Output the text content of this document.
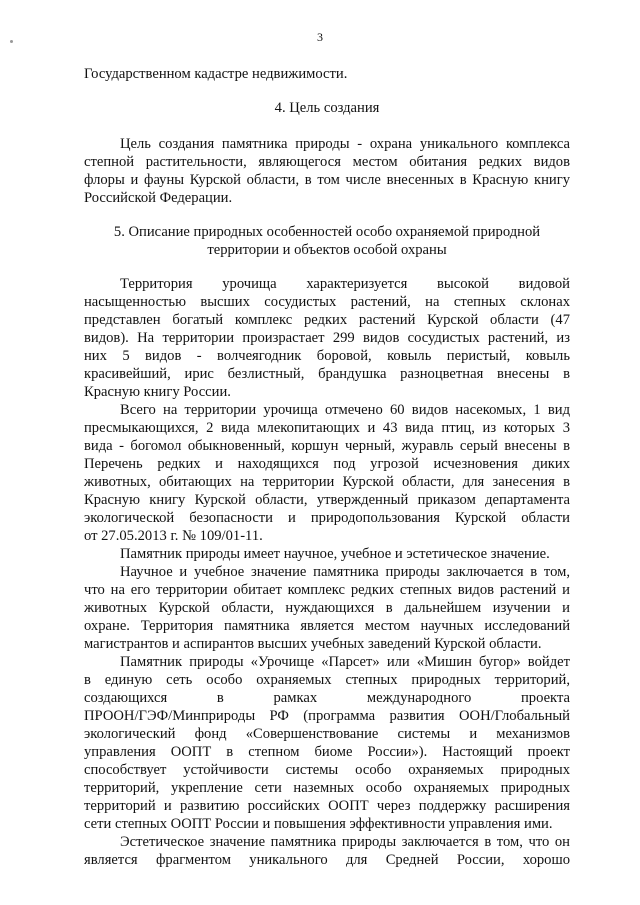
3
Государственном кадастре недвижимости.
4. Цель создания
Цель создания памятника природы - охрана уникального комплекса
степной растительности, являющегося местом обитания редких видов
флоры и фауны Курской области, в том числе внесенных в Красную книгу
Российской Федерации.
5. Описание природных особенностей особо охраняемой природной
территории и объектов особой охраны
Территория урочища характеризуется высокой видовой
насыщенностью высших сосудистых растений, на степных склонах
представлен богатый комплекс редких растений Курской области (47
видов). На территории произрастает 299 видов сосудистых растений, из
них 5 видов - волчеягодник боровой, ковыль перистый, ковыль
красивейший, ирис безлистный, брандушка разноцветная внесены в
Красную книгу России.
Всего на территории урочища отмечено 60 видов насекомых, 1 вид
пресмыкающихся, 2 вида млекопитающих и 43 вида птиц, из которых 3
вида - богомол обыкновенный, коршун черный, журавль серый внесены в
Перечень редких и находящихся под угрозой исчезновения диких
животных, обитающих на территории Курской области, для занесения в
Красную книгу Курской области, утвержденный приказом департамента
экологической безопасности и природопользования Курской области
от 27.05.2013 г. № 109/01-11.
Памятник природы имеет научное, учебное и эстетическое значение.
Научное и учебное значение памятника природы заключается в том,
что на его территории обитает комплекс редких степных видов растений и
животных Курской области, нуждающихся в дальнейшем изучении и
охране. Территория памятника является местом научных исследований
магистрантов и аспирантов высших учебных заведений Курской области.
Памятник природы «Урочище «Парсет» или «Мишин бугор» войдет
в единую сеть особо охраняемых степных природных территорий,
создающихся в рамках международного проекта
ПРООН/ГЭФ/Минприроды РФ (программа развития ООН/Глобальный
экологический фонд «Совершенствование системы и механизмов
управления ООПТ в степном биоме России»). Настоящий проект
способствует устойчивости системы особо охраняемых природных
территорий, укрепление сети наземных особо охраняемых природных
территорий и развитию российских ООПТ через поддержку расширения
сети степных ООПТ России и повышения эффективности управления ими.
Эстетическое значение памятника природы заключается в том, что он
является фрагментом уникального для Средней России, хорошо
